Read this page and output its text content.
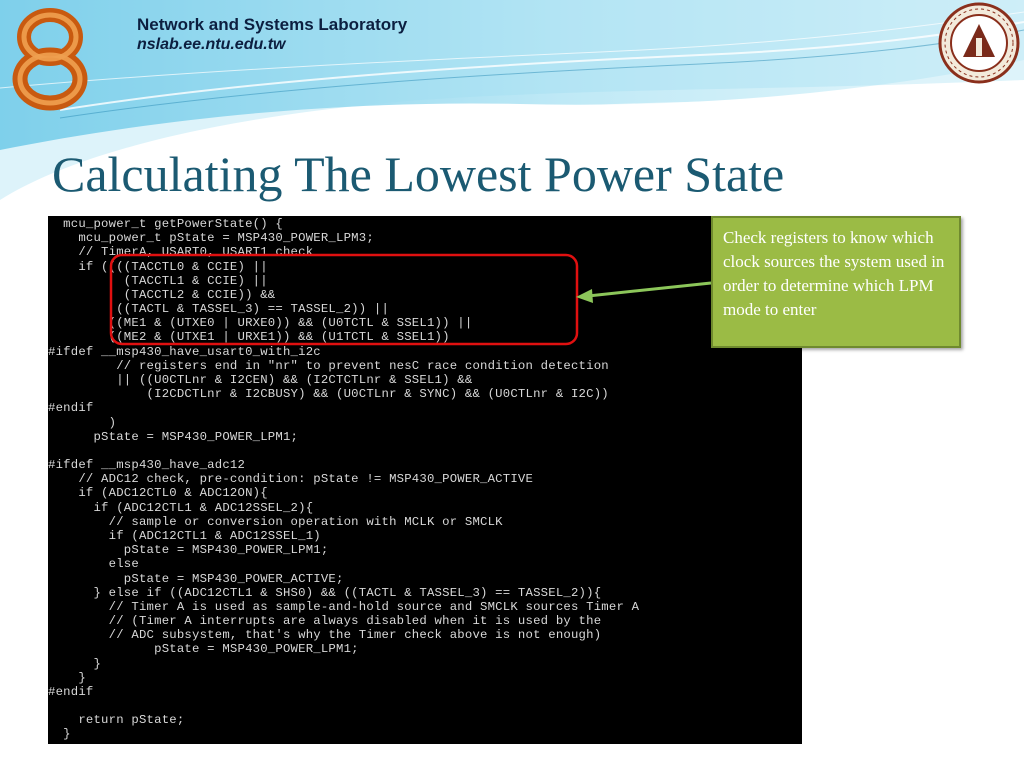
Network and Systems Laboratory
nslab.ee.ntu.edu.tw
Calculating The Lowest Power State
mcu_power_t getPowerState() {
mcu_power_t pState = MSP430_POWER_LPM3;
// TimerA, USART0, USART1 check
if ((((TACCTL0 & CCIE) ||
(TACCTL1 & CCIE) ||
(TACCTL2 & CCIE)) &&
((TACTL & TASSEL_3) == TASSEL_2)) ||
((ME1 & (UTXE0 | URXE0)) && (U0TCTL & SSEL1)) ||
((ME2 & (UTXE1 | URXE1)) && (U1TCTL & SSEL1))
#ifdef __msp430_have_usart0_with_i2c
// registers end in "nr" to prevent nesC race condition detection
|| ((U0CTLnr & I2CEN) && (I2CTCTLnr & SSEL1) &&
(I2CDCTLnr & I2CBUSY) && (U0CTLnr & SYNC) && (U0CTLnr & I2C))
#endif
)
pState = MSP430_POWER_LPM1;
#ifdef __msp430_have_adc12
// ADC12 check, pre-condition: pState != MSP430_POWER_ACTIVE
if (ADC12CTL0 & ADC12ON){
if (ADC12CTL1 & ADC12SSEL_2){
// sample or conversion operation with MCLK or SMCLK
if (ADC12CTL1 & ADC12SSEL_1)
pState = MSP430_POWER_LPM1;
else
pState = MSP430_POWER_ACTIVE;
} else if ((ADC12CTL1 & SHS0) && ((TACTL & TASSEL_3) == TASSEL_2)){
// Timer A is used as sample-and-hold source and SMCLK sources Timer A
// (Timer A interrupts are always disabled when it is used by the
// ADC subsystem, that's why the Timer check above is not enough)
pState = MSP430_POWER_LPM1;
}
}
#endif
return pState;
}
Check registers to know which clock sources the system used in order to determine which LPM mode to enter
